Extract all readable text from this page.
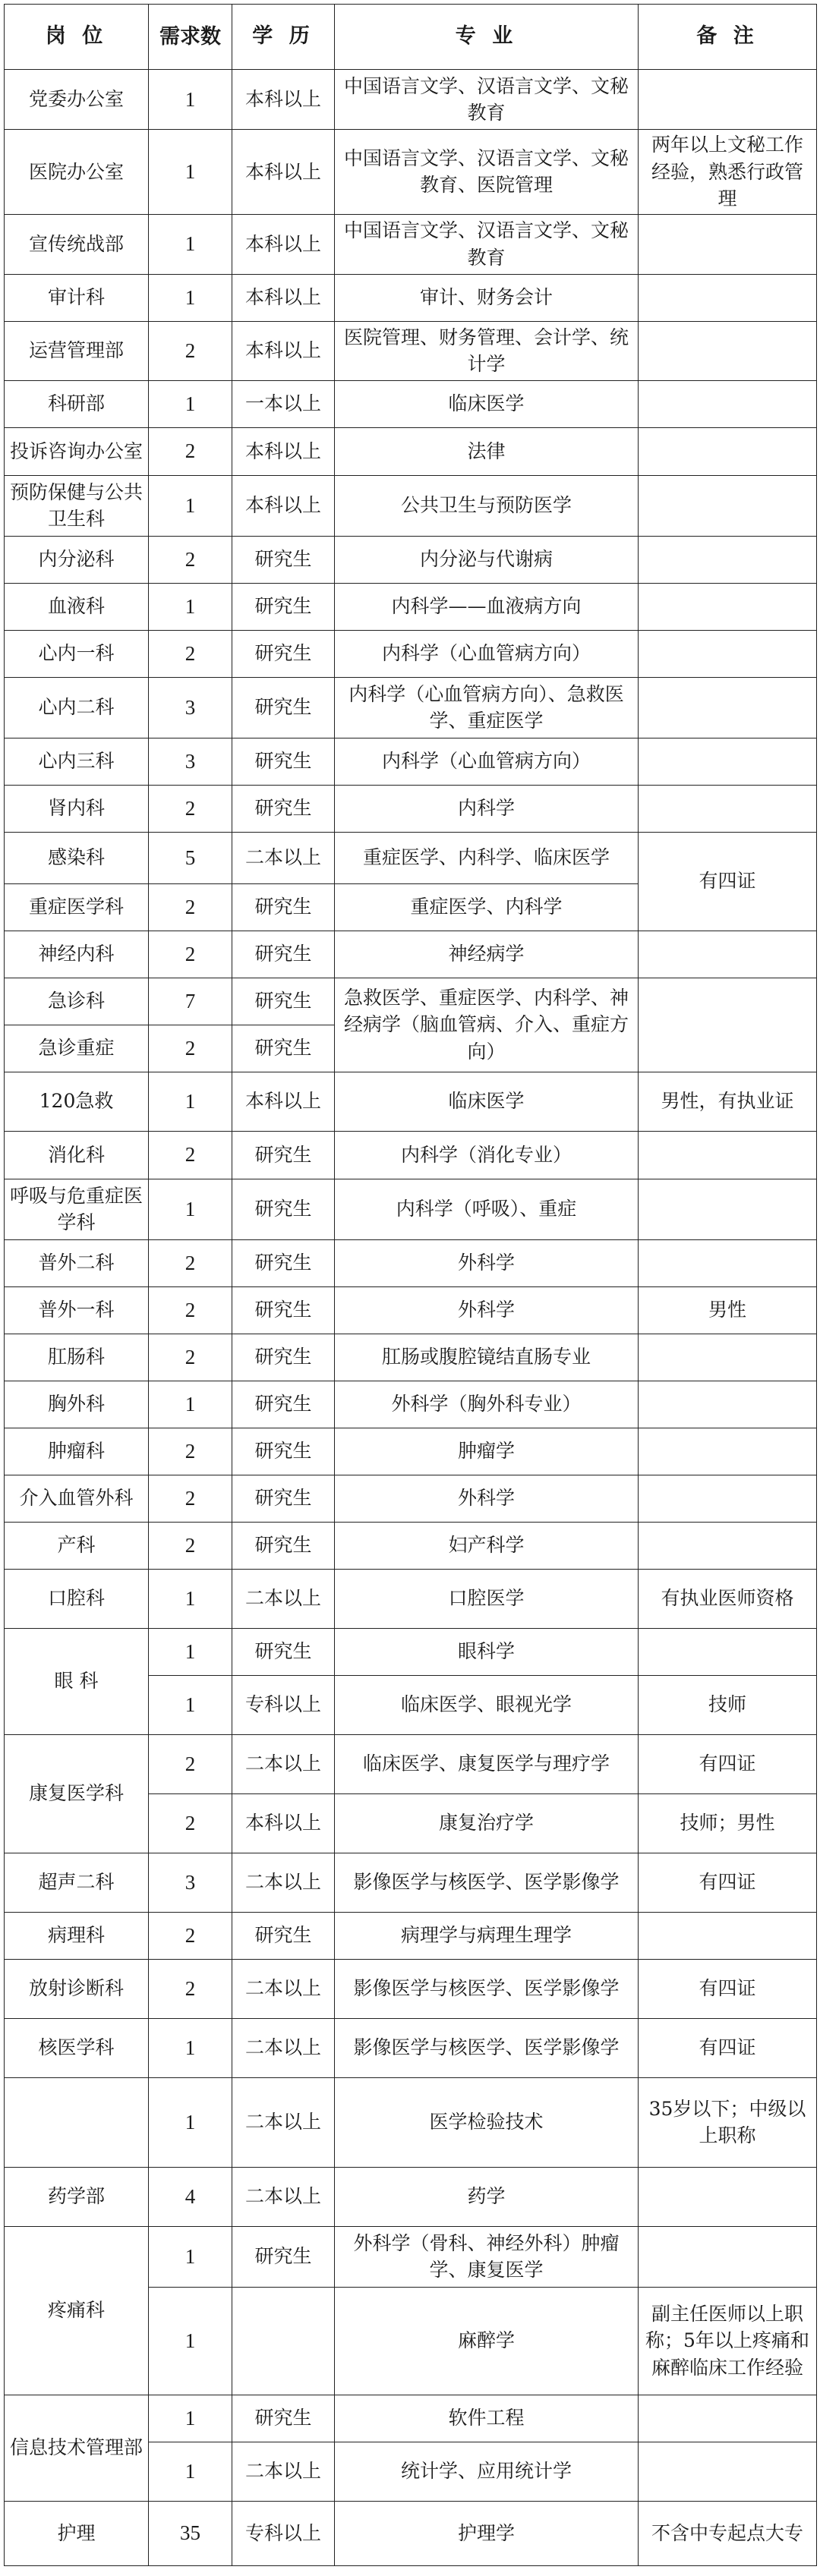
岗 位	需求数	学 历	专 业	备 注
党委办公室	1	本科以上	中国语言文学、汉语言文学、文秘教育	
医院办公室	1	本科以上	中国语言文学、汉语言文学、文秘教育、医院管理	两年以上文秘工作经验，熟悉行政管理
宣传统战部	1	本科以上	中国语言文学、汉语言文学、文秘教育	
审计科	1	本科以上	审计、财务会计	
运营管理部	2	本科以上	医院管理、财务管理、会计学、统计学	
科研部	1	一本以上	临床医学	
投诉咨询办公室	2	本科以上	法律	
预防保健与公共卫生科	1	本科以上	公共卫生与预防医学	
内分泌科	2	研究生	内分泌与代谢病	
血液科	1	研究生	内科学——血液病方向	
心内一科	2	研究生	内科学（心血管病方向）	
心内二科	3	研究生	内科学（心血管病方向）、急救医学、重症医学	
心内三科	3	研究生	内科学（心血管病方向）	
肾内科	2	研究生	内科学	
感染科	5	二本以上	重症医学、内科学、临床医学	有四证
重症医学科	2	研究生	重症医学、内科学	
神经内科	2	研究生	神经病学	
急诊科	7	研究生	急救医学、重症医学、内科学、神经病学（脑血管病、介入、重症方向）	
急诊重症	2	研究生		
120急救	1	本科以上	临床医学	男性，有执业证
消化科	2	研究生	内科学（消化专业）	
呼吸与危重症医学科	1	研究生	内科学（呼吸）、重症	
普外二科	2	研究生	外科学	
普外一科	2	研究生	外科学	男性
肛肠科	2	研究生	肛肠或腹腔镜结直肠专业	
胸外科	1	研究生	外科学（胸外科专业）	
肿瘤科	2	研究生	肿瘤学	
介入血管外科	2	研究生	外科学	
产科	2	研究生	妇产科学	
口腔科	1	二本以上	口腔医学	有执业医师资格
眼 科	1	研究生	眼科学	
	1	专科以上	临床医学、眼视光学	技师
康复医学科	2	二本以上	临床医学、康复医学与理疗学	有四证
	2	本科以上	康复治疗学	技师；男性
超声二科	3	二本以上	影像医学与核医学、医学影像学	有四证
病理科	2	研究生	病理学与病理生理学	
放射诊断科	2	二本以上	影像医学与核医学、医学影像学	有四证
核医学科	1	二本以上	影像医学与核医学、医学影像学	有四证
	1	二本以上	医学检验技术	35岁以下；中级以上职称
药学部	4	二本以上	药学	
疼痛科	1	研究生	外科学（骨科、神经外科）肿瘤学、康复医学	
	1		麻醉学	副主任医师以上职称；5年以上疼痛和麻醉临床工作经验
信息技术管理部	1	研究生	软件工程	
	1	二本以上	统计学、应用统计学	
护理	35	专科以上	护理学	不含中专起点大专
